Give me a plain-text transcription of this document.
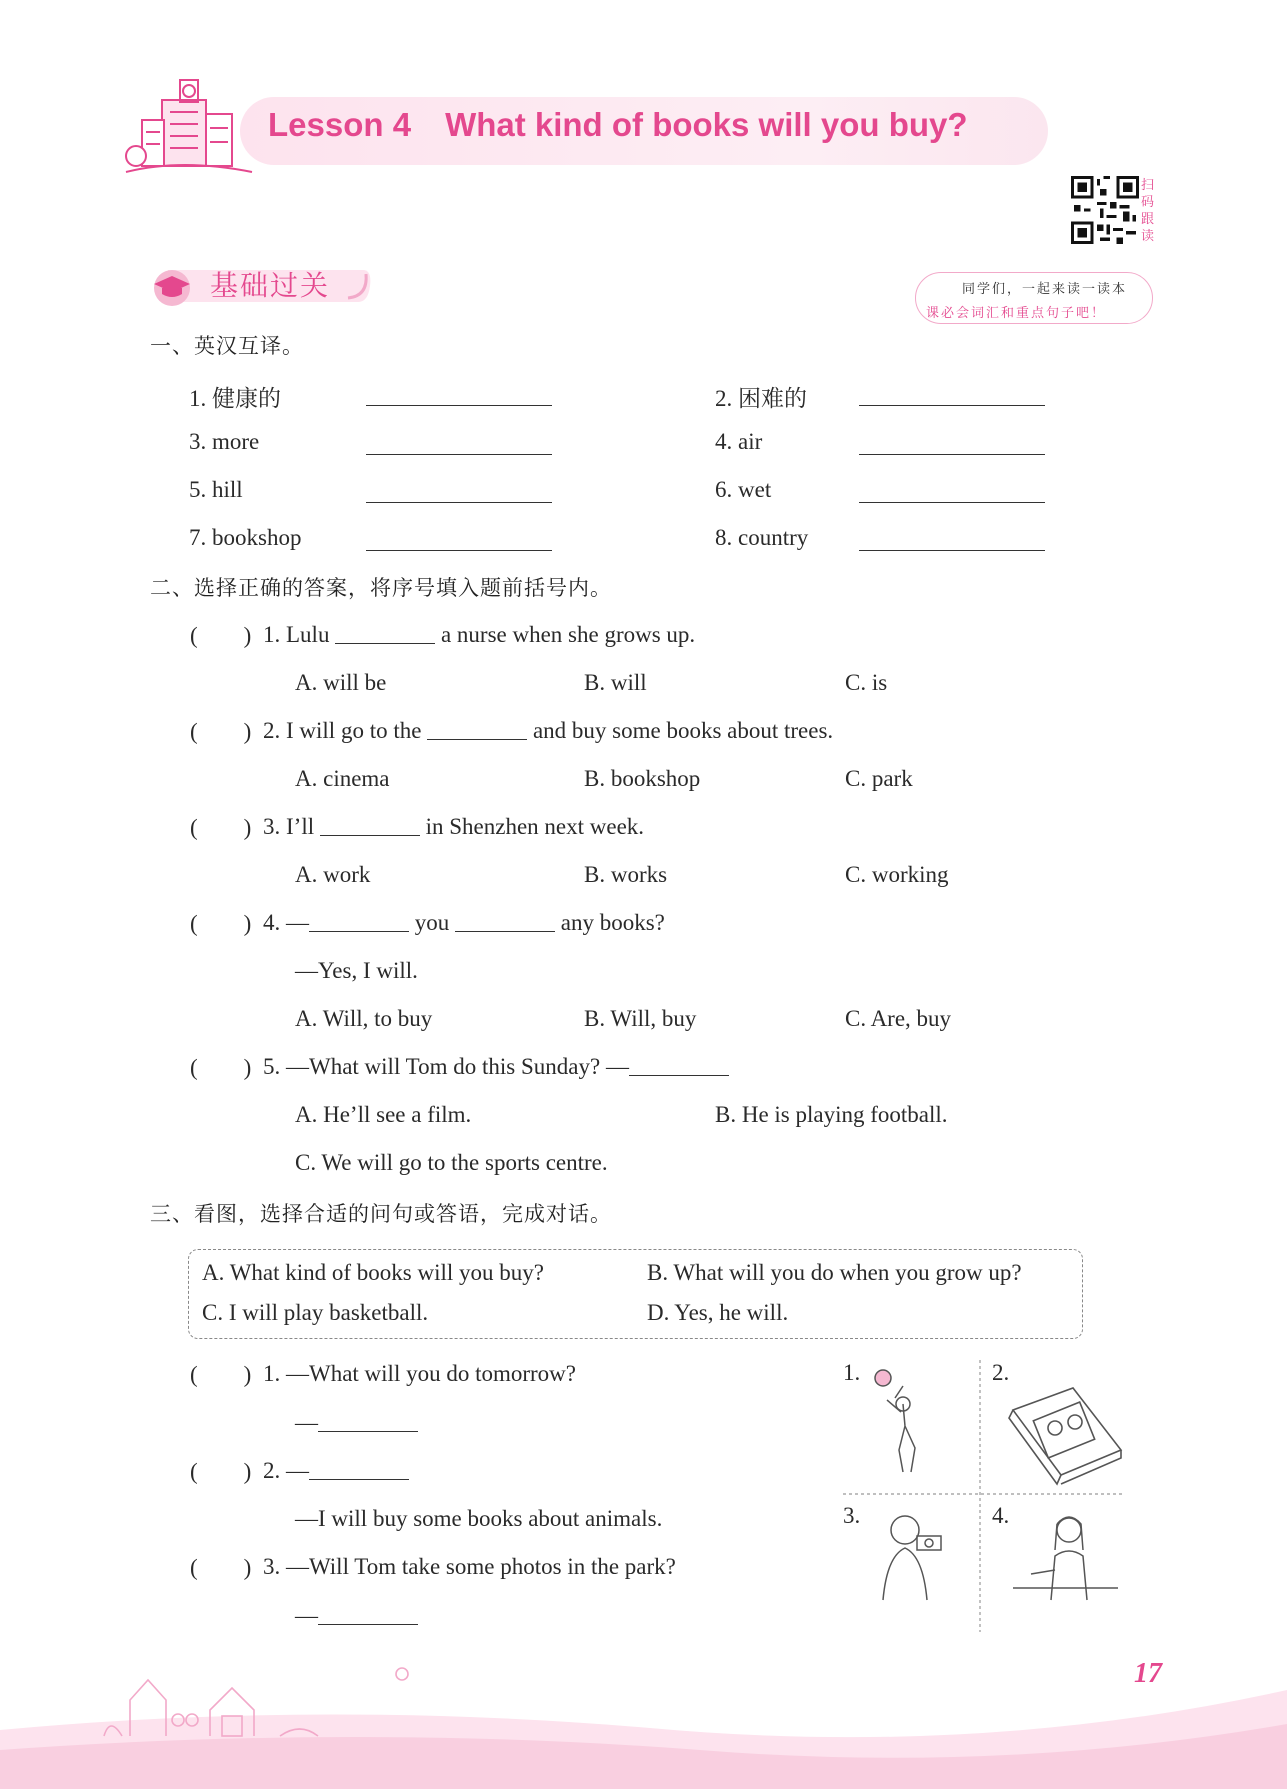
Lesson 4 What kind of books will you buy?
扫
码
跟
读
基础过关	同学们，一起来读一读本
课必会词汇和重点句子吧！
一、英汉互译。
1. 健康的	2. 困难的
3. more	4. air
5. hill	6. wet
7. bookshop	8. country
二、选择正确的答案，将序号填入题前括号内。
(        ) 1. Lulu	a nurse when she grows up.
A. will be	B. will	C. is
(        ) 2. I will go to the	and buy some books about trees.
A. cinema	B. bookshop	C. park
(        ) 3. I’ll	in Shenzhen next week.
A. work	B. works	C. working
(        ) 4. —	you	any books?
—Yes, I will.
A. Will, to buy	B. Will, buy	C. Are, buy
(        ) 5. —What will Tom do this Sunday? —
A. He’ll see a film.	B. He is playing football.
C. We will go to the sports centre.
三、看图，选择合适的问句或答语，完成对话。
A. What kind of books will you buy?	B. What will you do when you grow up?
C. I will play basketball.	D. Yes, he will.
(        ) 1. —What will you do tomorrow?
—
(        ) 2. —
—I will buy some books about animals.
(        ) 3. —Will Tom take some photos in the park?
—
1.	2.
3.	4.
17
